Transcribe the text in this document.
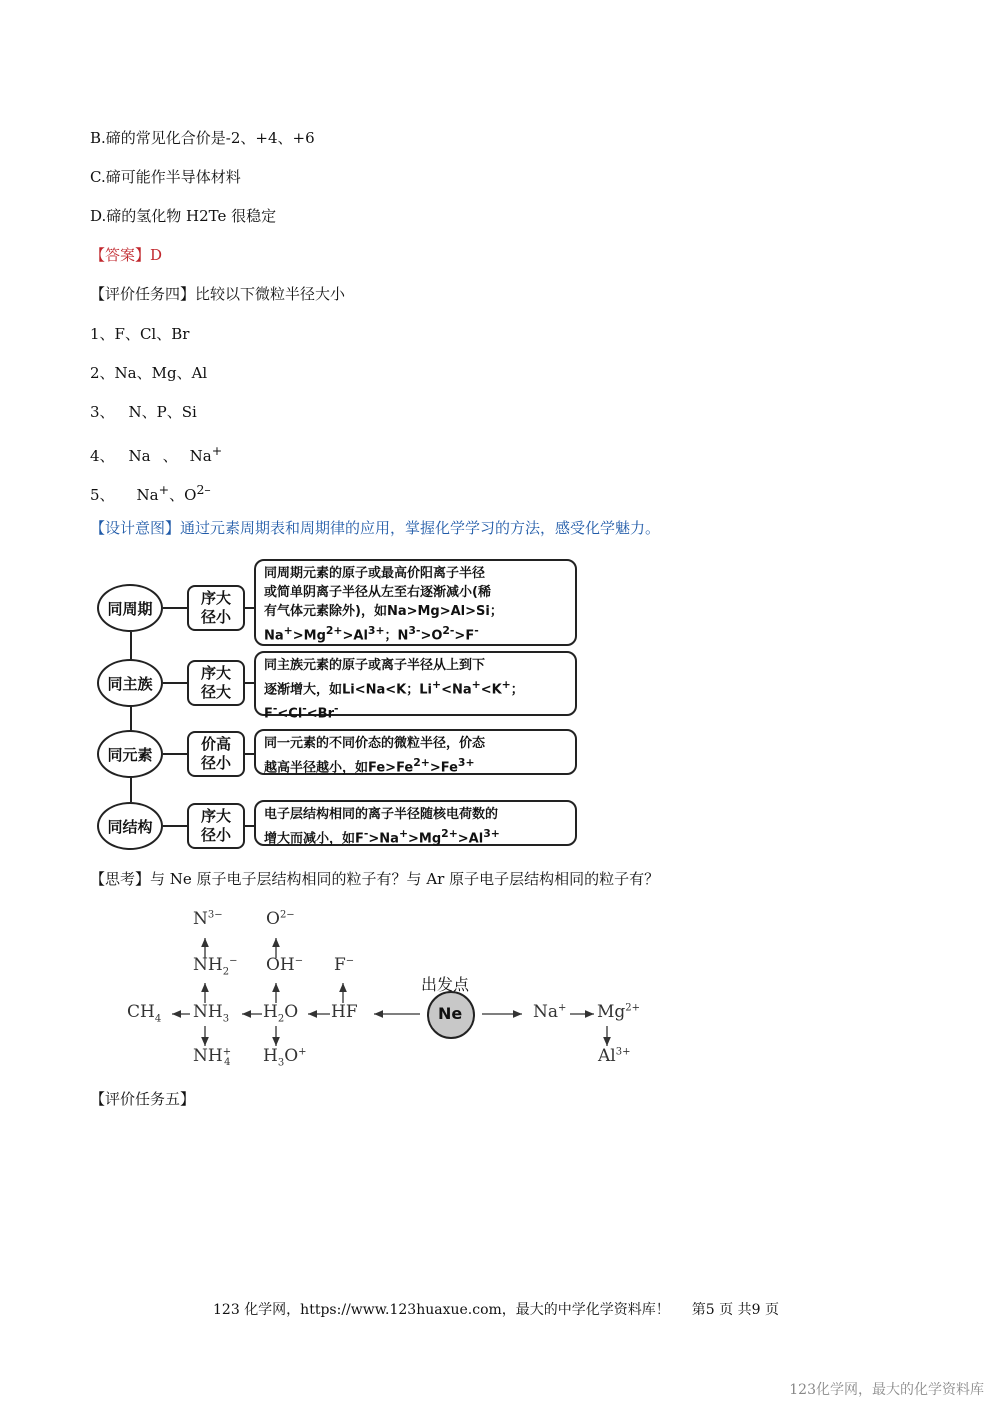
B.碲的常见化合价是-2、+4、+6
C.碲可能作半导体材料
D.碲的氢化物 H2Te 很稳定
【答案】D
【评价任务四】比较以下微粒半径大小
1、F、Cl、Br
2、Na、Mg、Al
3、 N、P、Si
4、 Na 、 Na+
5、 Na+、$O^{2-}$
【设计意图】通过元素周期表和周期律的应用，掌握化学学习的方法，感受化学魅力。
同周期
序大
径小
同周期元素的原子或最高价阳离子半径
或简单阴离子半径从左至右逐渐减小(稀
有气体元素除外)，如Na>Mg>Al>Si；
$Na^+>Mg^{2+}>Al^{3+}$；$N^{3-}>O^{2-}>F^-$
同主族
序大
径大
同主族元素的原子或离子半径从上到下
逐渐增大，如Li<Na<K；Li+<Na+<K+；
F-<Cl-<Br-
同元素
价高
径小
同一元素的不同价态的微粒半径，价态
越高半径越小，如$Fe>Fe^{2+}>Fe^{3+}$
同结构
序大
径小
电子层结构相同的离子半径随核电荷数的
增大而减小，如$F^->Na^+>Mg^{2+}>Al^{3+}$
【思考】与 Ne 原子电子层结构相同的粒子有？与 Ar 原子电子层结构相同的粒子有？
出发点
Ne
$N^{3-}$	$O^{2-}$
$NH_2^-$ OH− F−
$CH_4$ $NH_3$ $H_2O$ HF
$NH^+_4$ $H_3O^+$
Na+ $Mg^{2+}$
$Al^{3+}$
【评价任务五】
123 化学网，https://www.123huaxue.com，最大的中学化学资料库！ 第5 页 共9 页
123化学网，最大的化学资料库
